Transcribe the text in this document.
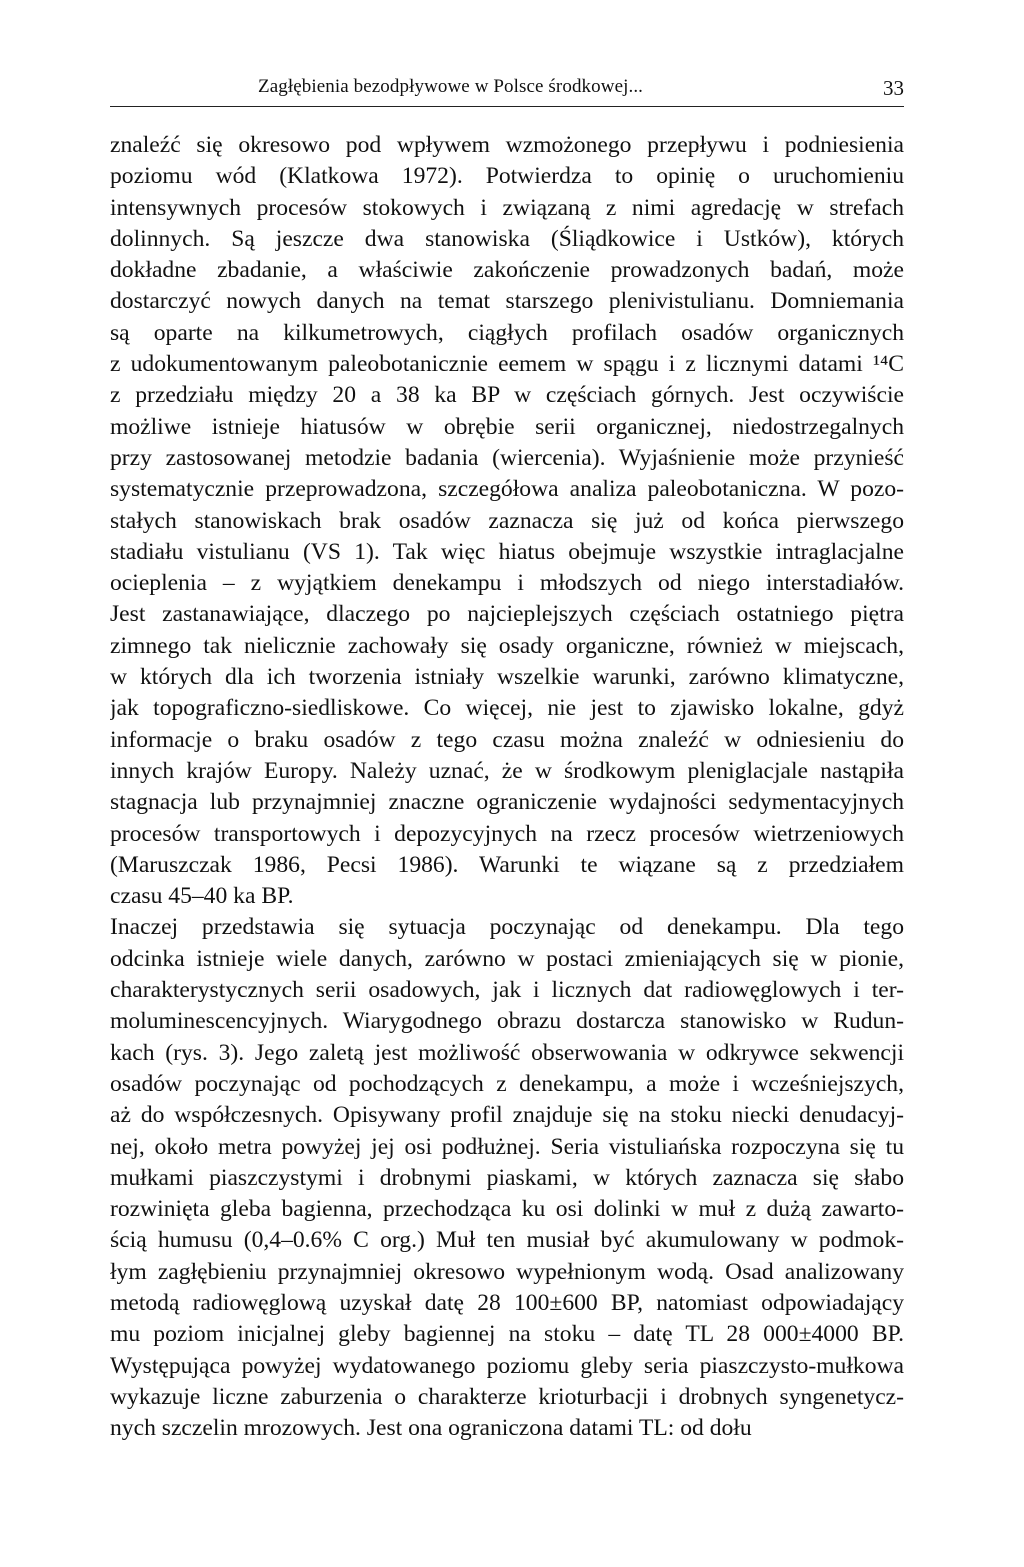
Zagłębienia bezodpływowe w Polsce środkowej...	33
znaleźć się okresowo pod wpływem wzmożonego przepływu i podniesienia
poziomu wód (Klatkowa 1972). Potwierdza to opinię o uruchomieniu
intensywnych procesów stokowych i związaną z nimi agredację w strefach
dolinnych. Są jeszcze dwa stanowiska (Śliądkowice i Ustków), których
dokładne zbadanie, a właściwie zakończenie prowadzonych badań, może
dostarczyć nowych danych na temat starszego plenivistulianu. Domniemania
są oparte na kilkumetrowych, ciągłych profilach osadów organicznych
z udokumentowanym paleobotanicznie eemem w spągu i z licznymi datami ¹⁴C
z przedziału między 20 a 38 ka BP w częściach górnych. Jest oczywiście
możliwe istnieje hiatusów w obrębie serii organicznej, niedostrzegalnych
przy zastosowanej metodzie badania (wiercenia). Wyjaśnienie może przynieść
systematycznie przeprowadzona, szczegółowa analiza paleobotaniczna. W pozo-
stałych stanowiskach brak osadów zaznacza się już od końca pierwszego
stadiału vistulianu (VS 1). Tak więc hiatus obejmuje wszystkie intraglacjalne
ocieplenia – z wyjątkiem denekampu i młodszych od niego interstadiałów.
Jest zastanawiające, dlaczego po najcieplejszych częściach ostatniego piętra
zimnego tak nielicznie zachowały się osady organiczne, również w miejscach,
w których dla ich tworzenia istniały wszelkie warunki, zarówno klimatyczne,
jak topograficzno-siedliskowe. Co więcej, nie jest to zjawisko lokalne, gdyż
informacje o braku osadów z tego czasu można znaleźć w odniesieniu do
innych krajów Europy. Należy uznać, że w środkowym pleniglacjale nastąpiła
stagnacja lub przynajmniej znaczne ograniczenie wydajności sedymentacyjnych
procesów transportowych i depozycyjnych na rzecz procesów wietrzeniowych
(Maruszczak 1986, Pecsi 1986). Warunki te wiązane są z przedziałem
czasu 45–40 ka BP.
Inaczej przedstawia się sytuacja poczynając od denekampu. Dla tego
odcinka istnieje wiele danych, zarówno w postaci zmieniających się w pionie,
charakterystycznych serii osadowych, jak i licznych dat radiowęglowych i ter-
moluminescencyjnych. Wiarygodnego obrazu dostarcza stanowisko w Rudun-
kach (rys. 3). Jego zaletą jest możliwość obserwowania w odkrywce sekwencji
osadów poczynając od pochodzących z denekampu, a może i wcześniejszych,
aż do współczesnych. Opisywany profil znajduje się na stoku niecki denudacyj-
nej, około metra powyżej jej osi podłużnej. Seria vistuliańska rozpoczyna się tu
mułkami piaszczystymi i drobnymi piaskami, w których zaznacza się słabo
rozwinięta gleba bagienna, przechodząca ku osi dolinki w muł z dużą zawarto-
ścią humusu (0,4–0.6% C org.) Muł ten musiał być akumulowany w podmok-
łym zagłębieniu przynajmniej okresowo wypełnionym wodą. Osad analizowany
metodą radiowęglową uzyskał datę 28 100±600 BP, natomiast odpowiadający
mu poziom inicjalnej gleby bagiennej na stoku – datę TL 28 000±4000 BP.
Występująca powyżej wydatowanego poziomu gleby seria piaszczysto-mułkowa
wykazuje liczne zaburzenia o charakterze krioturbacji i drobnych syngenetycz-
nych szczelin mrozowych. Jest ona ograniczona datami TL: od dołu
